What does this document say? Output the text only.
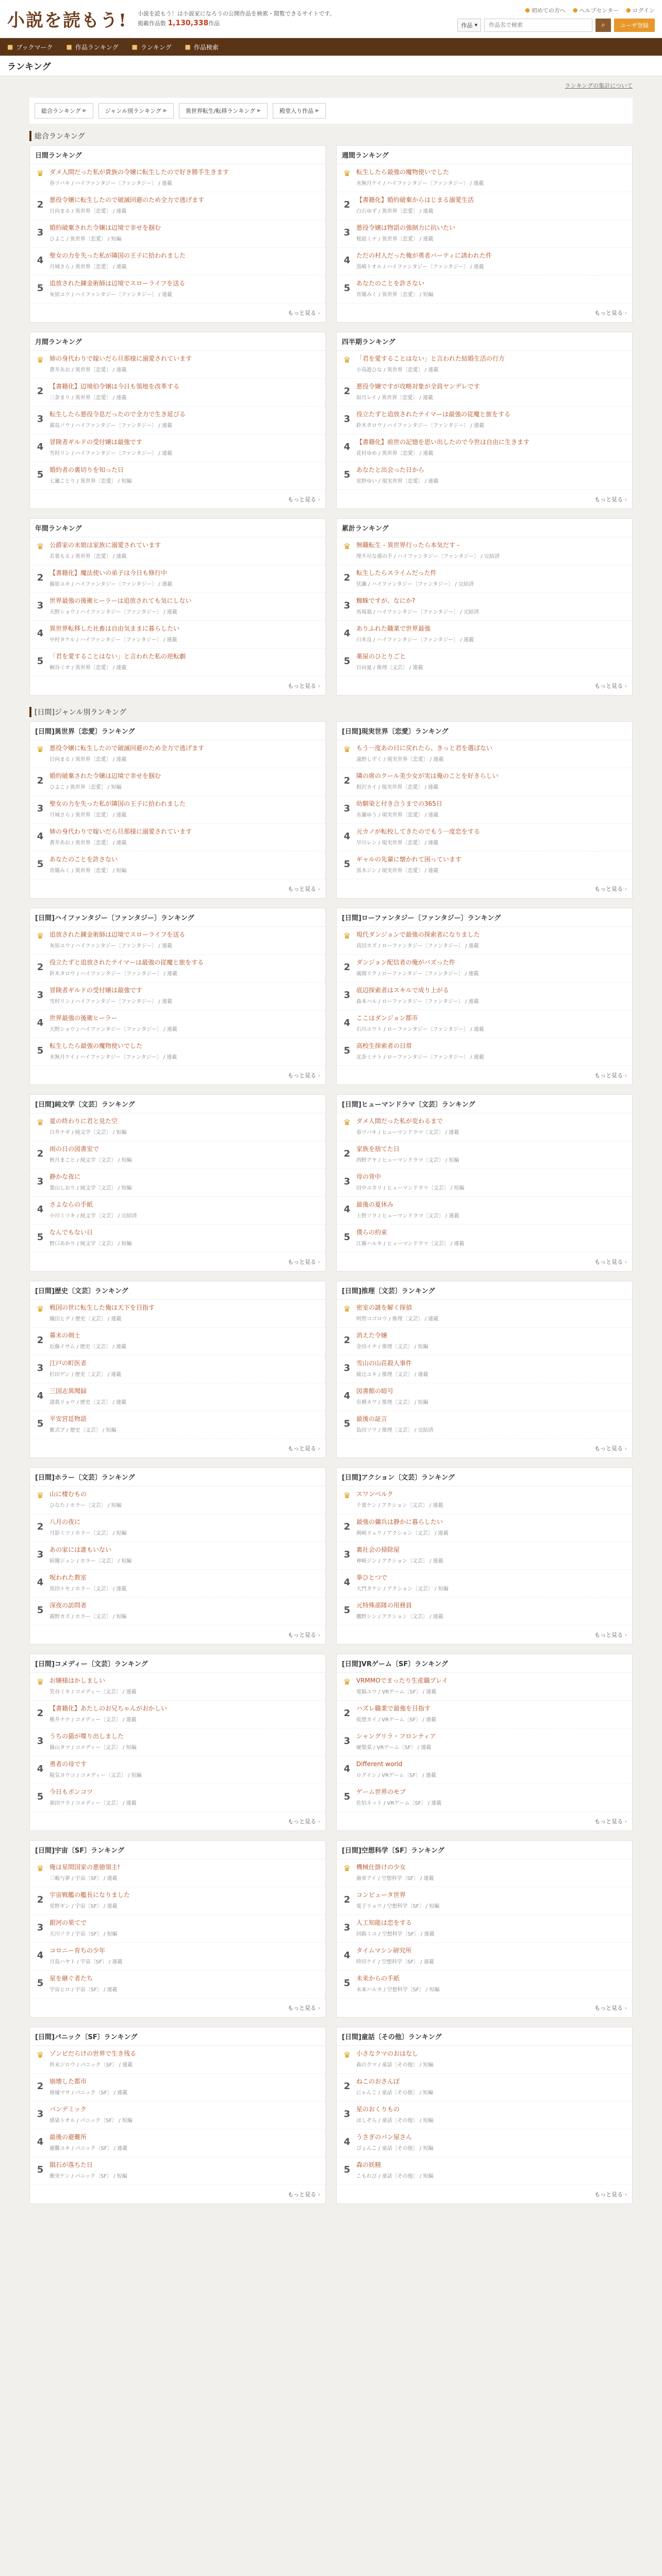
小説を読もう! 小説を読もう！は小説家になろうの公開作品を検索・閲覧できるサイトです。
掲載作品数 1,130,338作品
● 初めての方へ ● ヘルプセンター ● ログイン
作品 ▾
作品名で検索	⌕	ユーザ登録
■ ブックマーク ■ 作品ランキング ■ ランキング ■ 作品検索
ランキング
ランキングの集計について
総合ランキング ▶	ジャンル別ランキング ▶	異世界転生/転移ランキング ▶	殿堂入り作品 ▶
総合ランキング
日間ランキング
♛ ダメ人間だった私が貴族の令嬢に転生したので好き勝手生きます
春ツバキ / ハイファンタジー〔ファンタジー〕 / 連載
2 悪役令嬢に転生したので破滅回避のため全力で逃げます
日向まる / 異世界〔恋愛〕 / 連載
3 婚約破棄された令嬢は辺境で幸せを掴む
ひよこ / 異世界〔恋愛〕 / 短編
4 聖女の力を失った私が隣国の王子に拾われました
月城さら / 異世界〔恋愛〕 / 連載
5 追放された錬金術師は辺境でスローライフを送る
灰原ユウ / ハイファンタジー〔ファンタジー〕 / 連載
もっと見る ›
週間ランキング
♛ 転生したら最強の魔物使いでした
水無月ケイ / ハイファンタジー〔ファンタジー〕 / 連載
2 【書籍化】婚約破棄からはじまる溺愛生活
白石ゆず / 異世界〔恋愛〕 / 連載
3 悪役令嬢は物語の強制力に抗いたい
桜庭ミナ / 異世界〔恋愛〕 / 連載
4 ただの村人だった俺が勇者パーティに誘われた件
黒崎トオル / ハイファンタジー〔ファンタジー〕 / 連載
5 あなたのことを許さない
宵闇みく / 異世界〔恋愛〕 / 短編
もっと見る ›
月間ランキング
♛ 姉の身代わりで嫁いだら旦那様に溺愛されています
蒼井あお / 異世界〔恋愛〕 / 連載
2 【書籍化】辺境伯令嬢は今日も領地を改革する
三条まり / 異世界〔恋愛〕 / 連載
3 転生したら悪役令息だったので全力で生き延びる
霧島ソウ / ハイファンタジー〔ファンタジー〕 / 連載
4 冒険者ギルドの受付嬢は最強です
雪村リン / ハイファンタジー〔ファンタジー〕 / 連載
5 婚約者の裏切りを知った日
七瀬ことり / 異世界〔恋愛〕 / 短編
もっと見る ›
四半期ランキング
♛ 「君を愛することはない」と言われた結婚生活の行方
小鳥遊ひな / 異世界〔恋愛〕 / 連載
2 悪役令嬢ですが攻略対象が全員ヤンデレです
如月レイ / 異世界〔恋愛〕 / 連載
3 役立たずと追放されたテイマーは最強の従魔と旅をする
鈴木タロウ / ハイファンタジー〔ファンタジー〕 / 連載
4 【書籍化】前世の記憶を思い出したので今世は自由に生きます
花村ゆめ / 異世界〔恋愛〕 / 連載
5 あなたと出会った日から
星野ゆい / 現実世界〔恋愛〕 / 連載
もっと見る ›
年間ランキング
♛ 公爵家の末娘は家族に溺愛されています
若葉もえ / 異世界〔恋愛〕 / 連載
2 【書籍化】魔法使いの弟子は今日も修行中
藤原ユキ / ハイファンタジー〔ファンタジー〕 / 連載
3 世界最強の後衛ヒーラーは追放されても気にしない
天野ショウ / ハイファンタジー〔ファンタジー〕 / 連載
4 異世界転移した社畜は自由気ままに暮らしたい
中村タケル / ハイファンタジー〔ファンタジー〕 / 連載
5 「君を愛することはない」と言われた私の逆転劇
桐谷ミオ / 異世界〔恋愛〕 / 連載
もっと見る ›
累計ランキング
♛ 無職転生 - 異世界行ったら本気だす -
理不尽な孫の手 / ハイファンタジー〔ファンタジー〕 / 完結済
2 転生したらスライムだった件
伏瀬 / ハイファンタジー〔ファンタジー〕 / 完結済
3 蜘蛛ですが、なにか?
馬場翁 / ハイファンタジー〔ファンタジー〕 / 完結済
4 ありふれた職業で世界最強
白米良 / ハイファンタジー〔ファンタジー〕 / 連載
5 薬屋のひとりごと
日向夏 / 推理〔文芸〕 / 連載
もっと見る ›
[日間]ジャンル別ランキング
[日間]異世界〔恋愛〕ランキング
♛ 悪役令嬢に転生したので破滅回避のため全力で逃げます
日向まる / 異世界〔恋愛〕 / 連載
2 婚約破棄された令嬢は辺境で幸せを掴む
ひよこ / 異世界〔恋愛〕 / 短編
3 聖女の力を失った私が隣国の王子に拾われました
月城さら / 異世界〔恋愛〕 / 連載
4 姉の身代わりで嫁いだら旦那様に溺愛されています
蒼井あお / 異世界〔恋愛〕 / 連載
5 あなたのことを許さない
宵闇みく / 異世界〔恋愛〕 / 短編
もっと見る ›
[日間]現実世界〔恋愛〕ランキング
♛ もう一度あの日に戻れたら、きっと君を選ばない
遠野しずく / 現実世界〔恋愛〕 / 連載
2 隣の席のクール美少女が実は俺のことを好きらしい
相沢カイ / 現実世界〔恋愛〕 / 連載
3 幼馴染と付き合うまでの365日
水瀬ゆう / 現実世界〔恋愛〕 / 連載
4 元カノが転校してきたのでもう一度恋をする
早川レン / 現実世界〔恋愛〕 / 連載
5 ギャルの先輩に懐かれて困っています
黒木ジン / 現実世界〔恋愛〕 / 連載
もっと見る ›
[日間]ハイファンタジー〔ファンタジー〕ランキング
♛ 追放された錬金術師は辺境でスローライフを送る
灰原ユウ / ハイファンタジー〔ファンタジー〕 / 連載
2 役立たずと追放されたテイマーは最強の従魔と旅をする
鈴木タロウ / ハイファンタジー〔ファンタジー〕 / 連載
3 冒険者ギルドの受付嬢は最強です
雪村リン / ハイファンタジー〔ファンタジー〕 / 連載
4 世界最強の後衛ヒーラー
天野ショウ / ハイファンタジー〔ファンタジー〕 / 連載
5 転生したら最強の魔物使いでした
水無月ケイ / ハイファンタジー〔ファンタジー〕 / 連載
もっと見る ›
[日間]ローファンタジー〔ファンタジー〕ランキング
♛ 現代ダンジョンで最強の探索者になりました
真田カズ / ローファンタジー〔ファンタジー〕 / 連載
2 ダンジョン配信者の俺がバズった件
風間リク / ローファンタジー〔ファンタジー〕 / 連載
3 底辺探索者はスキルで成り上がる
森本ハル / ローファンタジー〔ファンタジー〕 / 連載
4 ここはダンジョン都市
石川ユウト / ローファンタジー〔ファンタジー〕 / 連載
5 高校生探索者の日常
北条ミナト / ローファンタジー〔ファンタジー〕 / 連載
もっと見る ›
[日間]純文学〔文芸〕ランキング
♛ 夏の終わりに君と見た空
白井ナギ / 純文学〔文芸〕 / 短編
2 雨の日の図書室で
秋月まこと / 純文学〔文芸〕 / 短編
3 静かな夜に
葉山しおり / 純文学〔文芸〕 / 短編
4 さよならの手紙
小川ミツキ / 純文学〔文芸〕 / 完結済
5 なんでもない日
野口あかり / 純文学〔文芸〕 / 短編
もっと見る ›
[日間]ヒューマンドラマ〔文芸〕ランキング
♛ ダメ人間だった私が変わるまで
春ツバキ / ヒューマンドラマ〔文芸〕 / 連載
2 家族を捨てた日
西野アヤ / ヒューマンドラマ〔文芸〕 / 短編
3 母の背中
田中ユカリ / ヒューマンドラマ〔文芸〕 / 短編
4 最後の夏休み
上野ソラ / ヒューマンドラマ〔文芸〕 / 連載
5 僕らの約束
江藤ハルキ / ヒューマンドラマ〔文芸〕 / 連載
もっと見る ›
[日間]歴史〔文芸〕ランキング
♛ 戦国の世に転生した俺は天下を目指す
織田ヒデ / 歴史〔文芸〕 / 連載
2 幕末の剣士
近藤イサム / 歴史〔文芸〕 / 連載
3 江戸の町医者
杉田ゲン / 歴史〔文芸〕 / 連載
4 三国志異聞録
諸葛リョウ / 歴史〔文芸〕 / 連載
5 平安宮廷物語
紫式ブ / 歴史〔文芸〕 / 短編
もっと見る ›
[日間]推理〔文芸〕ランキング
♛ 密室の謎を解く探偵
明智コゴロウ / 推理〔文芸〕 / 連載
2 消えた令嬢
金田イチ / 推理〔文芸〕 / 短編
3 雪山の山荘殺人事件
綾辻ユキ / 推理〔文芸〕 / 連載
4 図書館の暗号
有栖カワ / 推理〔文芸〕 / 短編
5 最後の証言
島田ソウ / 推理〔文芸〕 / 完結済
もっと見る ›
[日間]ホラー〔文芸〕ランキング
♛ 山に棲むもの
ひなた / ホラー〔文芸〕 / 短編
2 八月の夜に
月影ミツ / ホラー〔文芸〕 / 短編
3 あの家には誰もいない
暗闇ジュン / ホラー〔文芸〕 / 短編
4 呪われた教室
黒田トモ / ホラー〔文芸〕 / 連載
5 深夜の訪問者
霧野カズ / ホラー〔文芸〕 / 短編
もっと見る ›
[日間]アクション〔文芸〕ランキング
♛ スワンベルク
千葉ケン / アクション〔文芸〕 / 連載
2 最強の傭兵は静かに暮らしたい
剣崎リュウ / アクション〔文芸〕 / 連載
3 裏社会の掃除屋
神崎ジン / アクション〔文芸〕 / 連載
4 拳ひとつで
大門タケシ / アクション〔文芸〕 / 短編
5 元特殊部隊の用務員
鷹野シン / アクション〔文芸〕 / 連載
もっと見る ›
[日間]コメディー〔文芸〕ランキング
♛ お嬢様はかしましい
笑谷ミキ / コメディー〔文芸〕 / 連載
2 【書籍化】あたしのお兄ちゃんがおかしい
桃井ナナ / コメディー〔文芸〕 / 連載
3 うちの猫が喋り出しました
猫山タマ / コメディー〔文芸〕 / 短編
4 勇者の母です
陽気ヨウコ / コメディー〔文芸〕 / 短編
5 今日もポンコツ
楽田ワラ / コメディー〔文芸〕 / 連載
もっと見る ›
[日間]VRゲーム〔SF〕ランキング
♛ VRMMOでまったり生産職プレイ
電脳ユウ / VRゲーム〔SF〕 / 連載
2 ハズレ職業で最強を目指す
仮想カイ / VRゲーム〔SF〕 / 連載
3 シャングリラ・フロンティア
硬梨菜 / VRゲーム〔SF〕 / 連載
4 Different world
ログイン / VRゲーム〔SF〕 / 連載
5 ゲーム世界のモブ
佐伯ネット / VRゲーム〔SF〕 / 連載
もっと見る ›
[日間]宇宙〔SF〕ランキング
♛ 俺は星間国家の悪徳領主!
三嶋与夢 / 宇宙〔SF〕 / 連載
2 宇宙戦艦の艦長になりました
星野ギン / 宇宙〔SF〕 / 連載
3 銀河の果てで
天川ソラ / 宇宙〔SF〕 / 短編
4 コロニー育ちの少年
月島ハヤト / 宇宙〔SF〕 / 連載
5 星を継ぐ者たち
宇宙ヒロ / 宇宙〔SF〕 / 連載
もっと見る ›
[日間]空想科学〔SF〕ランキング
♛ 機械仕掛けの少女
歯車アイ / 空想科学〔SF〕 / 連載
2 コンピュータ世界
電子リョウ / 空想科学〔SF〕 / 短編
3 人工知能は恋をする
回路ミユ / 空想科学〔SF〕 / 連載
4 タイムマシン研究所
時田ケイ / 空想科学〔SF〕 / 連載
5 未来からの手紙
未来ハルカ / 空想科学〔SF〕 / 短編
もっと見る ›
[日間]パニック〔SF〕ランキング
♛ ゾンビだらけの世界で生き残る
終末ジロウ / パニック〔SF〕 / 連載
2 崩壊した都市
廃墟マサ / パニック〔SF〕 / 連載
3 パンデミック
感染トオル / パニック〔SF〕 / 短編
4 最後の避難所
避難ユキ / パニック〔SF〕 / 連載
5 隕石が落ちた日
衝突ケン / パニック〔SF〕 / 短編
もっと見る ›
[日間]童話〔その他〕ランキング
♛ 小さなクマのおはなし
森のクマ / 童話〔その他〕 / 短編
2 ねこのおさんぽ
にゃんこ / 童話〔その他〕 / 短編
3 星のおくりもの
ほしぞら / 童話〔その他〕 / 短編
4 うさぎのパン屋さん
ぴょんこ / 童話〔その他〕 / 短編
5 森の妖精
こもれび / 童話〔その他〕 / 短編
もっと見る ›
